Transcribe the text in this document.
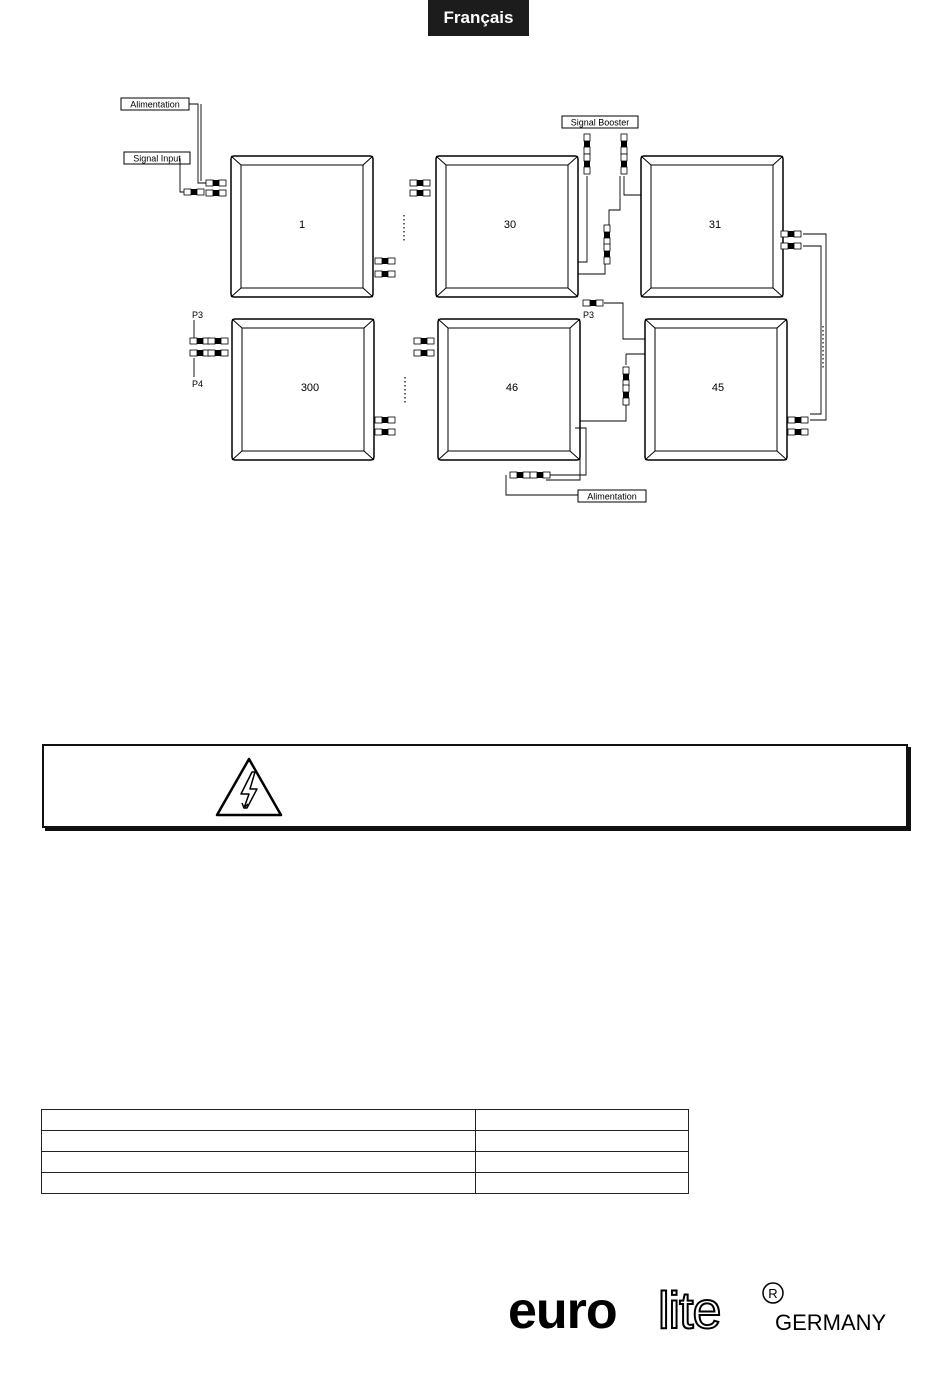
Français
1	30	31
300	46	45
Alimentation
Signal Input
Signal Booster
Alimentation
P3
P4
P3

euro lite	R
GERMANY
